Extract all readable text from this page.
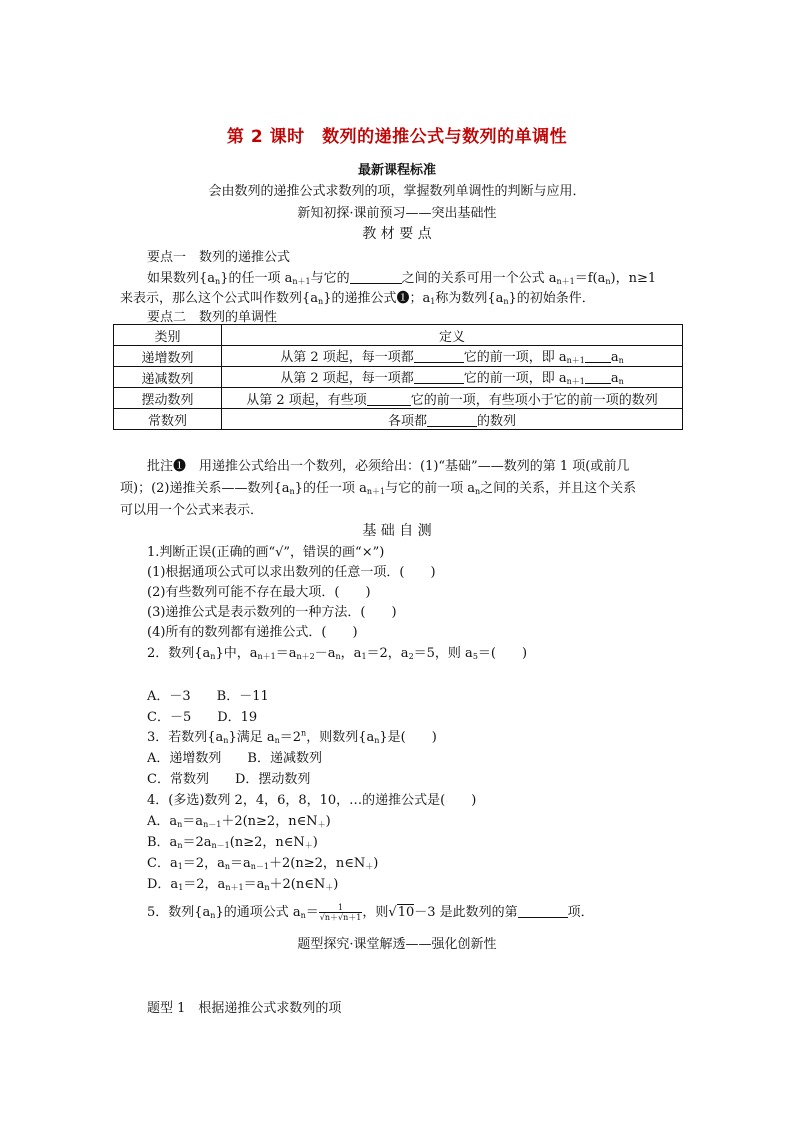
第 2 课时　数列的递推公式与数列的单调性
最新课程标准
会由数列的递推公式求数列的项，掌握数列单调性的判断与应用．
新知初探·课前预习——突出基础性
教 材 要 点
要点一　数列的递推公式
如果数列$\{a_n\}$的任一项 $a_{n+1}$与它的	之间的关系可用一个公式 $a_{n+1}=f(a_n)$，n≥1
来表示，那么这个公式叫作数列$\{a_n\}$的递推公式❶；$a_1$称为数列$\{a_n\}$的初始条件．
要点二　数列的单调性
类别	定义
递增数列	从第 2 项起，每一项都 它的前一项，即 $a_{n+1}$ $a_n$
递减数列	从第 2 项起，每一项都 它的前一项，即 $a_{n+1}$ $a_n$
摆动数列	从第 2 项起，有些项 它的前一项，有些项小于它的前一项的数列
常数列	各项都 的数列
批注❶　用递推公式给出一个数列，必须给出：(1)“基础”——数列的第 1 项(或前几
项)；(2)递推关系——数列$\{a_n\}$的任一项 $a_{n+1}$与它的前一项 $a_n$之间的关系，并且这个关系
可以用一个公式来表示．
基 础 自 测
1.判断正误(正确的画“√”，错误的画“×”)
(1)根据通项公式可以求出数列的任意一项．(　　)
(2)有些数列可能不存在最大项．(　　)
(3)递推公式是表示数列的一种方法．(　　)
(4)所有的数列都有递推公式．(　　)
2．数列$\{a_n\}$中，$a_{n+1}=a_{n+2}-a_n$，$a_1=2$，$a_2=5$，则 $a_5=$(　　)
A．－3　　B．－11
C．－5　　D．19
3．若数列$\{a_n\}$满足 $a_n=2^n$，则数列$\{a_n\}$是(　　)
A．递增数列　　B．递减数列
C．常数列　　D．摆动数列
4．(多选)数列 2，4，6，8，10，…的递推公式是(　　)
A．$a_n=a_{n-1}+2(n\ge 2$，$n\in N_+$)
B．$a_n=2a_{n-1}(n\ge 2$，$n\in N_+$)
C．$a_1=2$，$a_n=a_{n-1}+2(n\ge 2$，$n\in N_+$)
D．$a_1=2$，$a_{n+1}=a_n+2(n\in N_+)$
5．数列$\{a_n\}$的通项公式 $a_n= \frac{1}{√n+√n+1}$ ，则√10－3 是此数列的第	项．
题型探究·课堂解透——强化创新性
题型 1　根据递推公式求数列的项
